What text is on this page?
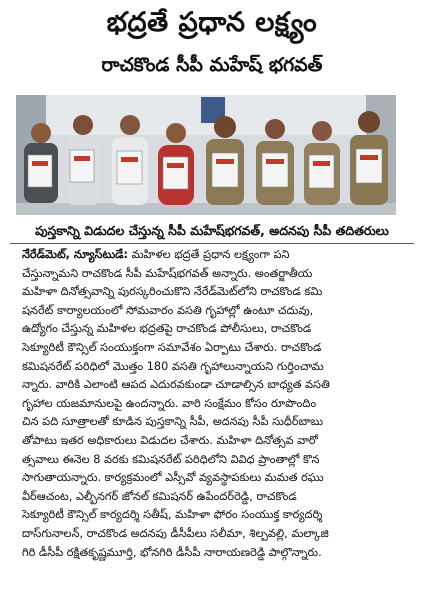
భద్రతే ప్రధాన లక్ష్యం
రాచకొండ సీపీ మహేష్ భగవత్
పుస్తకాన్ని విడుదల చేస్తున్న సీపీ మహేష్‌భగవత్, అదనపు సీపీ తదితరులు
నేరేడ్‌మెట్, న్యూస్‌టుడే: మహిళల భద్రతే ప్రధాన లక్ష్యంగా పని
చేస్తున్నామని రాచకొండ సీపీ మహేష్‌భగవత్ అన్నారు. అంతర్జాతీయ
మహిళా దినోత్సవాన్ని పురస్కరించుకొని నేరేడ్‌మెట్‌లోని రాచకొండ కమి
షనరేట్ కార్యాలయంలో సోమవారం వసతి గృహాల్లో ఉంటూ చదువు,
ఉద్యోగం చేస్తున్న మహిళల భద్రతపై రాచకొండ పోలీసులు, రాచకొండ
సెక్యూరిటీ కౌన్సిల్ సంయుక్తంగా సమావేశం ఏర్పాటు చేశారు. రాచకొండ
కమిషనరేట్ పరిధిలో మొత్తం 180 వసతి గృహాలున్నాయని గుర్తించామ
న్నారు. వారికి ఎలాంటి ఆపద ఎదురవకుండా చూడాల్సిన బాధ్యత వసతి
గృహాల యజమానులపై ఉందన్నారు. వారి సంక్షేమం కోసం రూపొందిం
చిన పది సూత్రాలతో కూడిన పుస్తకాన్ని సీపీ, అదనపు సీపీ సుధీర్‌బాబు
తోపాటు ఇతర అధికారులు విడుదల చేశారు. మహిళా దినోత్సవ వారో
త్సవాలు ఈనెల 8 వరకు కమిషనరేట్ పరిధిలోని వివిధ ప్రాంతాల్లో కొన
సాగుతాయన్నారు. కార్యక్రమంలో ఎస్సీవో వ్యవస్థాపకులు మమత రఘు
వీర్‌ఆచంట, ఎల్బీనగర్ జోనల్ కమిషనర్ ఉపేందర్‌రెడ్డి, రాచకొండ
సెక్యూరిటీ కౌన్సిల్ కార్యదర్శి సతీష్, మహిళా ఫోరం సంయుక్త కార్యదర్శి
దాస్‌గునాలన్, రాచకొండ అదనపు డీసీపీలు సలీమా, శిల్పవల్లి, మల్కాజి
గిరి డీసీపీ రక్షితకృష్ణమూర్తి, భోనగిరి డీసీపీ నారాయణరెడ్డి పాల్గొన్నారు.
